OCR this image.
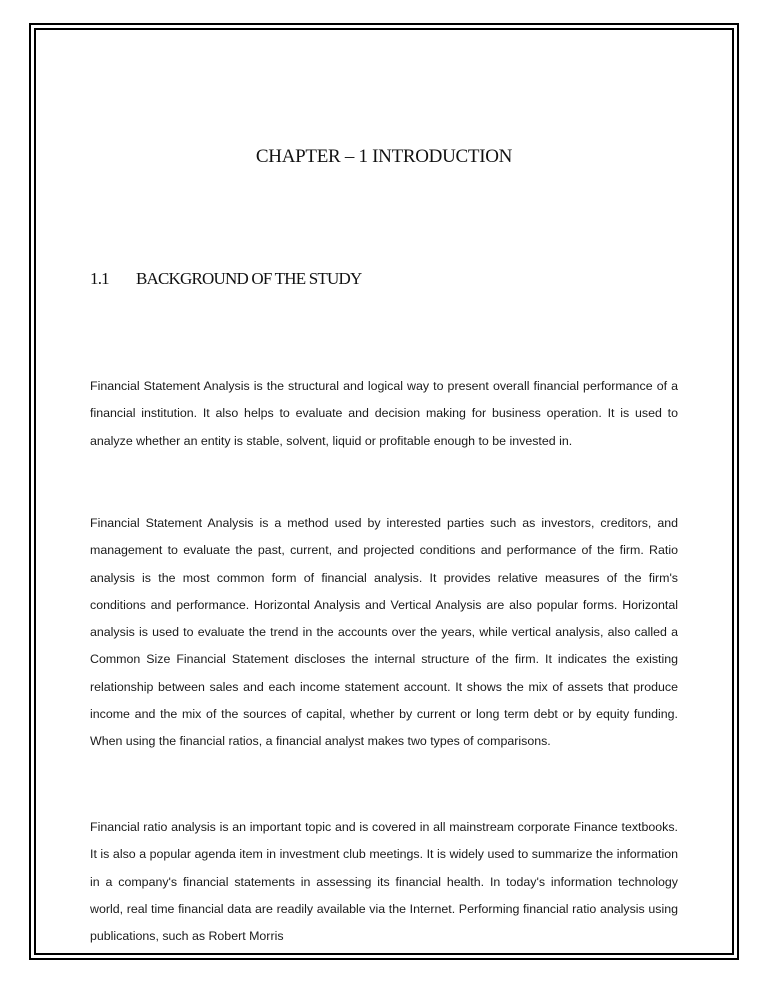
CHAPTER – 1 INTRODUCTION
1.1 BACKGROUND OF THE STUDY

Financial Statement Analysis is the structural and logical way to present overall financial performance of a financial institution. It also helps to evaluate and decision making for business operation. It is used to analyze whether an entity is stable, solvent, liquid or profitable enough to be invested in.

Financial Statement Analysis is a method used by interested parties such as investors, creditors, and management to evaluate the past, current, and projected conditions and performance of the firm. Ratio analysis is the most common form of financial analysis. It provides relative measures of the firm's conditions and performance. Horizontal Analysis and Vertical Analysis are also popular forms. Horizontal analysis is used to evaluate the trend in the accounts over the years, while vertical analysis, also called a Common Size Financial Statement discloses the internal structure of the firm. It indicates the existing relationship between sales and each income statement account. It shows the mix of assets that produce income and the mix of the sources of capital, whether by current or long term debt or by equity funding. When using the financial ratios, a financial analyst makes two types of comparisons.

Financial ratio analysis is an important topic and is covered in all mainstream corporate Finance textbooks. It is also a popular agenda item in investment club meetings. It is widely used to summarize the information in a company's financial statements in assessing its financial health. In today's information technology world, real time financial data are readily available via the Internet. Performing financial ratio analysis using publications, such as Robert Morris
